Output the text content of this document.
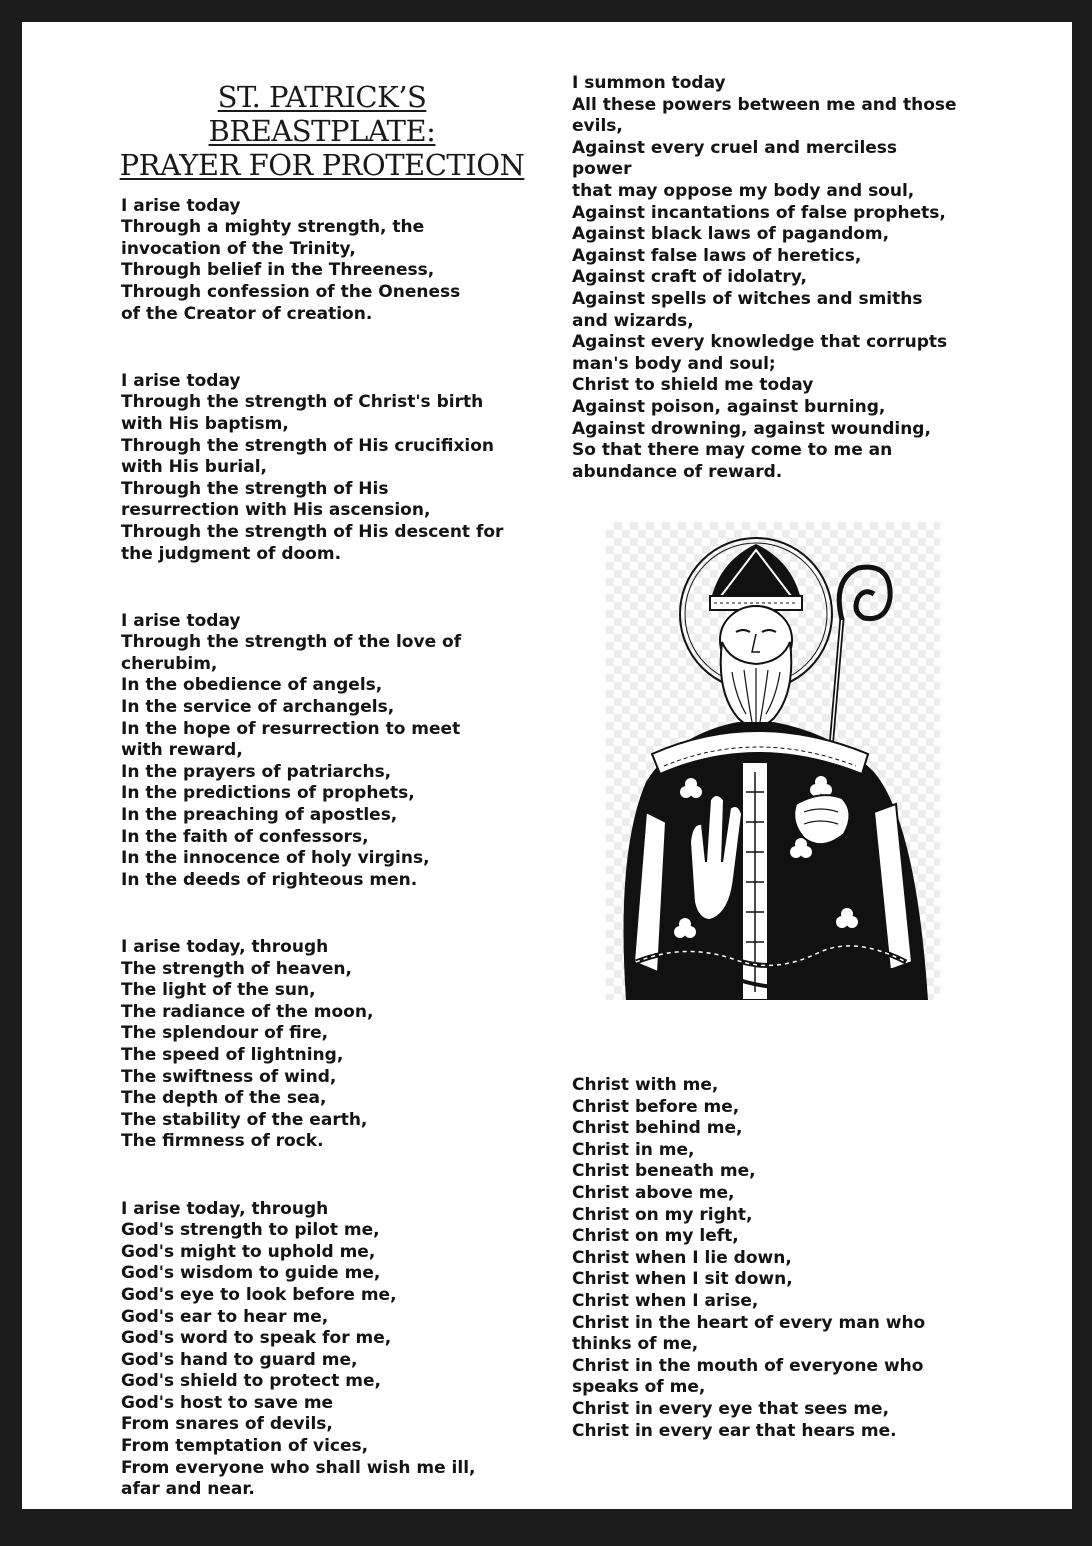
ST. PATRICK’S BREASTPLATE:
PRAYER FOR PROTECTION

I arise today
Through a mighty strength, the
invocation of the Trinity,
Through belief in the Threeness,
Through confession of the Oneness
of the Creator of creation.

I arise today
Through the strength of Christ's birth
with His baptism,
Through the strength of His crucifixion
with His burial,
Through the strength of His
resurrection with His ascension,
Through the strength of His descent for
the judgment of doom.

I arise today
Through the strength of the love of
cherubim,
In the obedience of angels,
In the service of archangels,
In the hope of resurrection to meet
with reward,
In the prayers of patriarchs,
In the predictions of prophets,
In the preaching of apostles,
In the faith of confessors,
In the innocence of holy virgins,
In the deeds of righteous men.

I arise today, through
The strength of heaven,
The light of the sun,
The radiance of the moon,
The splendour of fire,
The speed of lightning,
The swiftness of wind,
The depth of the sea,
The stability of the earth,
The firmness of rock.

I arise today, through
God's strength to pilot me,
God's might to uphold me,
God's wisdom to guide me,
God's eye to look before me,
God's ear to hear me,
God's word to speak for me,
God's hand to guard me,
God's shield to protect me,
God's host to save me
From snares of devils,
From temptation of vices,
From everyone who shall wish me ill,
afar and near.

I summon today
All these powers between me and those
evils,
Against every cruel and merciless
power
that may oppose my body and soul,
Against incantations of false prophets,
Against black laws of pagandom,
Against false laws of heretics,
Against craft of idolatry,
Against spells of witches and smiths
and wizards,
Against every knowledge that corrupts
man's body and soul;
Christ to shield me today
Against poison, against burning,
Against drowning, against wounding,
So that there may come to me an
abundance of reward.
Christ with me,
Christ before me,
Christ behind me,
Christ in me,
Christ beneath me,
Christ above me,
Christ on my right,
Christ on my left,
Christ when I lie down,
Christ when I sit down,
Christ when I arise,
Christ in the heart of every man who
thinks of me,
Christ in the mouth of everyone who
speaks of me,
Christ in every eye that sees me,
Christ in every ear that hears me.
